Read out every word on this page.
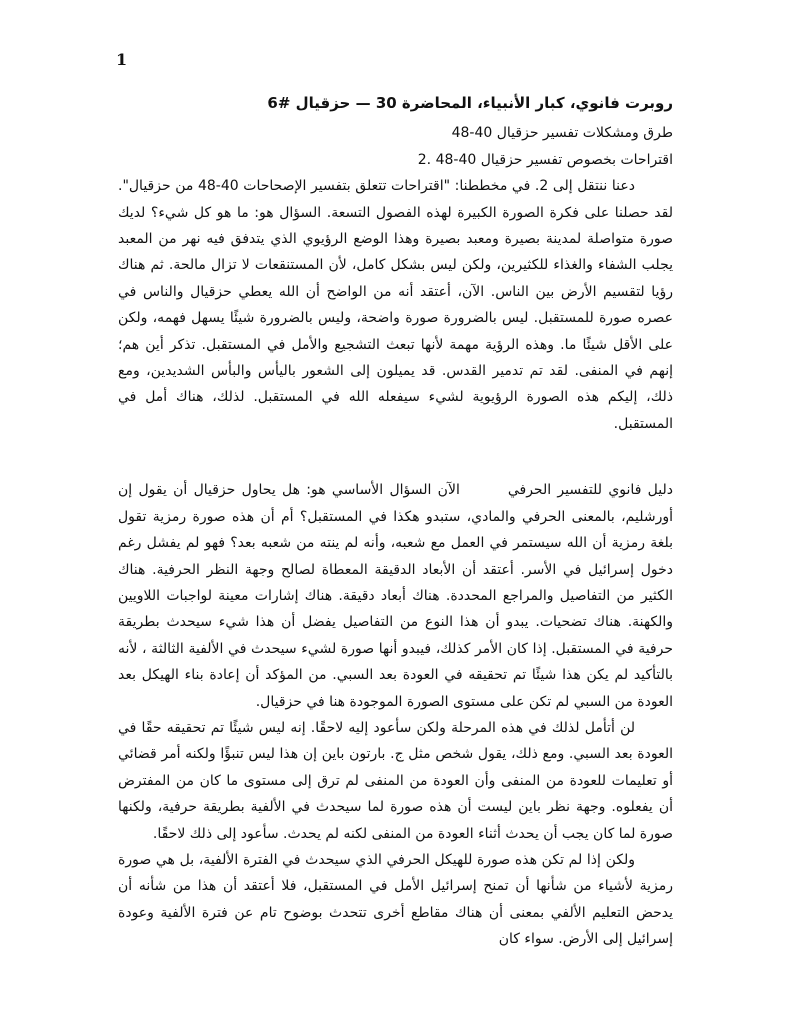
1

روبرت فانوي، كبار الأنبياء، المحاضرة 30 — حزقيال #6

طرق ومشكلات تفسير حزقيال 40-48

اقتراحات بخصوص تفسير حزقيال 40-48 .2

دعنا ننتقل إلى 2. في مخططنا: "اقتراحات تتعلق بتفسير الإصحاحات 40-48 من حزقيال". لقد حصلنا على فكرة الصورة الكبيرة لهذه الفصول التسعة. السؤال هو: ما هو كل شيء؟ لديك صورة متواصلة لمدينة بصيرة ومعبد بصيرة وهذا الوضع الرؤيوي الذي يتدفق فيه نهر من المعبد يجلب الشفاء والغذاء للكثيرين، ولكن ليس بشكل كامل، لأن المستنقعات لا تزال مالحة. ثم هناك رؤيا لتقسيم الأرض بين الناس. الآن، أعتقد أنه من الواضح أن الله يعطي حزقيال والناس في عصره صورة للمستقبل. ليس بالضرورة صورة واضحة، وليس بالضرورة شيئًا يسهل فهمه، ولكن على الأقل شيئًا ما. وهذه الرؤية مهمة لأنها تبعث التشجيع والأمل في المستقبل. تذكر أين هم؛ إنهم في المنفى. لقد تم تدمير القدس. قد يميلون إلى الشعور باليأس والبأس الشديدين، ومع ذلك، إليكم هذه الصورة الرؤيوية لشيء سيفعله الله في المستقبل. لذلك، هناك أمل في المستقبل.

دليل فانوي للتفسير الحرفيالآن السؤال الأساسي هو: هل يحاول حزقيال أن يقول إن أورشليم، بالمعنى الحرفي والمادي، ستبدو هكذا في المستقبل؟ أم أن هذه صورة رمزية تقول بلغة رمزية أن الله سيستمر في العمل مع شعبه، وأنه لم ينته من شعبه بعد؟ فهو لم يفشل رغم دخول إسرائيل في الأسر. أعتقد أن الأبعاد الدقيقة المعطاة لصالح وجهة النظر الحرفية. هناك الكثير من التفاصيل والمراجع المحددة. هناك أبعاد دقيقة. هناك إشارات معينة لواجبات اللاويين والكهنة. هناك تضحيات. يبدو أن هذا النوع من التفاصيل يفضل أن هذا شيء سيحدث بطريقة حرفية في المستقبل. إذا كان الأمر كذلك، فيبدو أنها صورة لشيء سيحدث في الألفية الثالثة ، لأنه بالتأكيد لم يكن هذا شيئًا تم تحقيقه في العودة بعد السبي. من المؤكد أن إعادة بناء الهيكل بعد العودة من السبي لم تكن على مستوى الصورة الموجودة هنا في حزقيال.

لن أتأمل لذلك في هذه المرحلة ولكن سأعود إليه لاحقًا. إنه ليس شيئًا تم تحقيقه حقًا في العودة بعد السبي. ومع ذلك، يقول شخص مثل ج. بارتون باين إن هذا ليس تنبؤًا ولكنه أمر قضائي أو تعليمات للعودة من المنفى وأن العودة من المنفى لم ترق إلى مستوى ما كان من المفترض أن يفعلوه. وجهة نظر باين ليست أن هذه صورة لما سيحدث في الألفية بطريقة حرفية، ولكنها صورة لما كان يجب أن يحدث أثناء العودة من المنفى لكنه لم يحدث. سأعود إلى ذلك لاحقًا.

ولكن إذا لم تكن هذه صورة للهيكل الحرفي الذي سيحدث في الفترة الألفية، بل هي صورة رمزية لأشياء من شأنها أن تمنح إسرائيل الأمل في المستقبل، فلا أعتقد أن هذا من شأنه أن يدحض التعليم الألفي بمعنى أن هناك مقاطع أخرى تتحدث بوضوح تام عن فترة الألفية وعودة إسرائيل إلى الأرض. سواء كان
